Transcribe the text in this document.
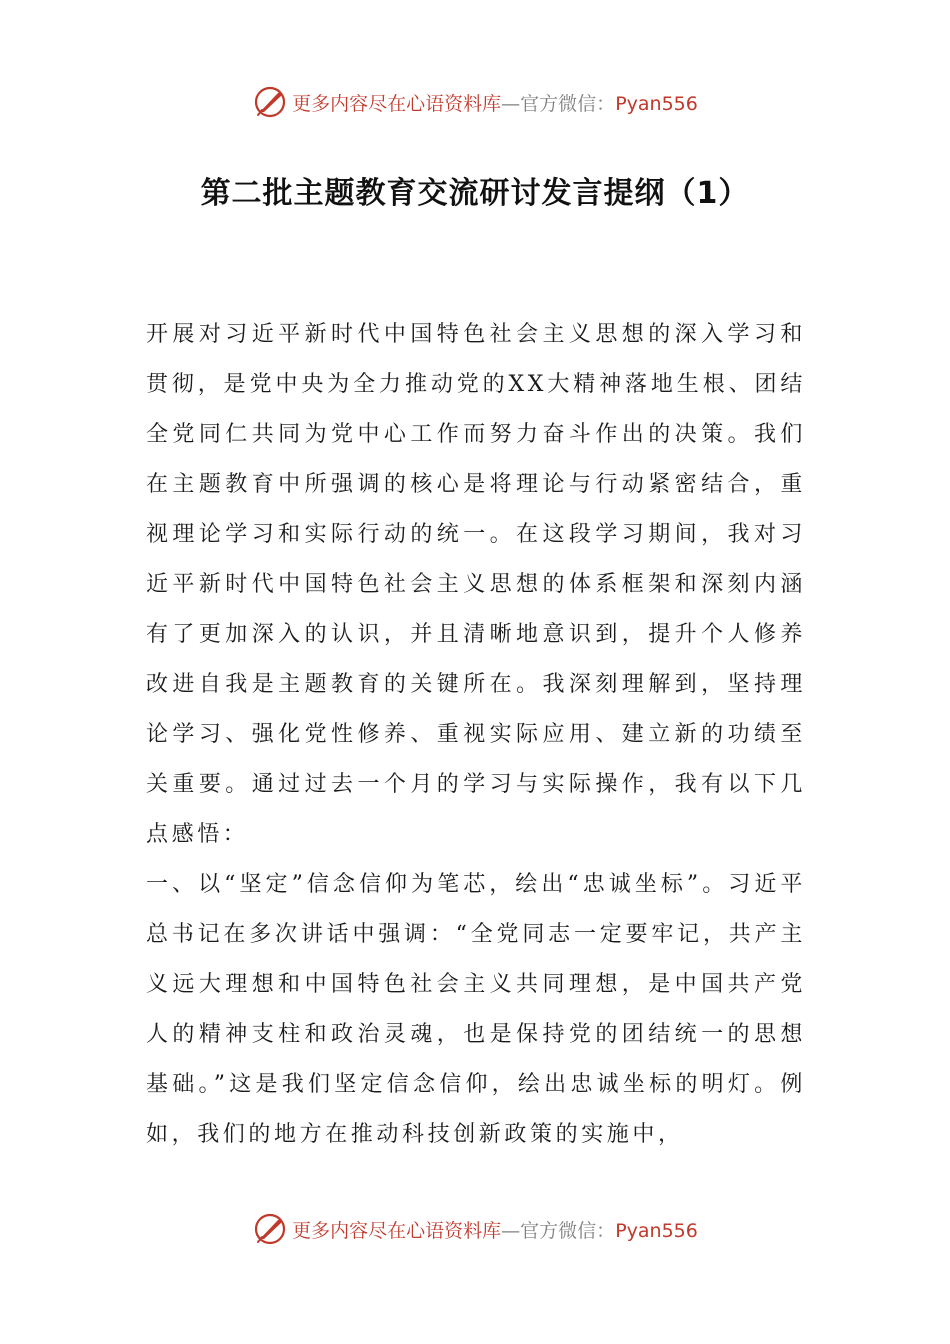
更多内容尽在心语资料库—官方微信：Pyan556
第二批主题教育交流研讨发言提纲（1）

开展对习近平新时代中国特色社会主义思想的深入学习和贯彻，是党中央为全力推动党的XX大精神落地生根、团结全党同仁共同为党中心工作而努力奋斗作出的决策。我们在主题教育中所强调的核心是将理论与行动紧密结合，重视理论学习和实际行动的统一。在这段学习期间，我对习近平新时代中国特色社会主义思想的体系框架和深刻内涵有了更加深入的认识，并且清晰地意识到，提升个人修养改进自我是主题教育的关键所在。我深刻理解到，坚持理论学习、强化党性修养、重视实际应用、建立新的功绩至关重要。通过过去一个月的学习与实际操作，我有以下几点感悟：

一、以“坚定”信念信仰为笔芯，绘出“忠诚坐标”。习近平总书记在多次讲话中强调：“全党同志一定要牢记，共产主义远大理想和中国特色社会主义共同理想，是中国共产党人的精神支柱和政治灵魂，也是保持党的团结统一的思想基础。”这是我们坚定信念信仰，绘出忠诚坐标的明灯。例如，我们的地方在推动科技创新政策的实施中，

更多内容尽在心语资料库—官方微信：Pyan556
